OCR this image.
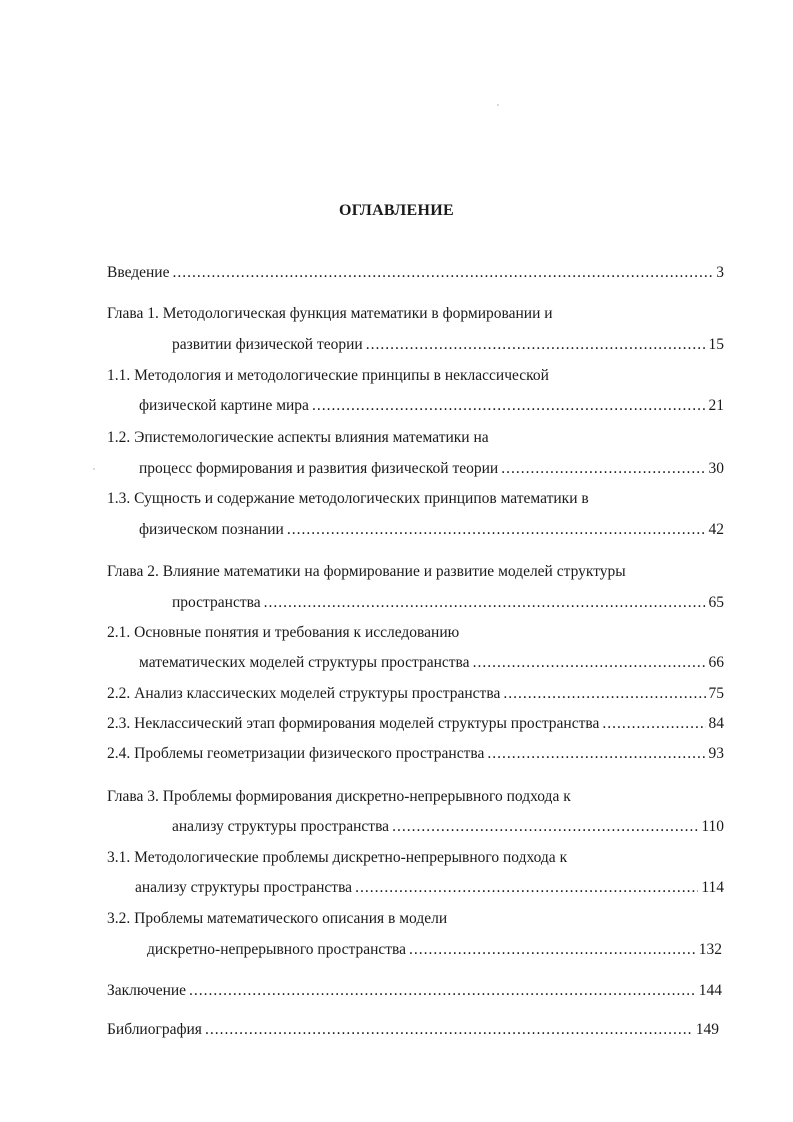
ОГЛАВЛЕНИЕ
Введение .....	3
Глава 1. Методологическая функция математики в формировании и
развитии физической теории .....	15
1.1. Методология и методологические принципы в неклассической
физической картине мира .....	21
1.2. Эпистемологические аспекты влияния математики на
процесс формирования и развития физической теории .....	30
1.3. Сущность и содержание методологических принципов математики в
физическом познании .....	42
Глава 2. Влияние математики на формирование и развитие моделей структуры
пространства .....	65
2.1. Основные понятия и требования к исследованию
математических моделей структуры пространства .....	66
2.2. Анализ классических моделей структуры пространства .....	75
2.3. Неклассический этап формирования моделей структуры пространства .....	84
2.4. Проблемы геометризации физического пространства .....	93
Глава 3. Проблемы формирования дискретно-непрерывного подхода к
анализу структуры пространства .....	110
3.1. Методологические проблемы дискретно-непрерывного подхода к
анализу структуры пространства .....	114
3.2. Проблемы математического описания в модели
дискретно-непрерывного пространства .....	132
Заключение .....	144
Библиография .....	149
